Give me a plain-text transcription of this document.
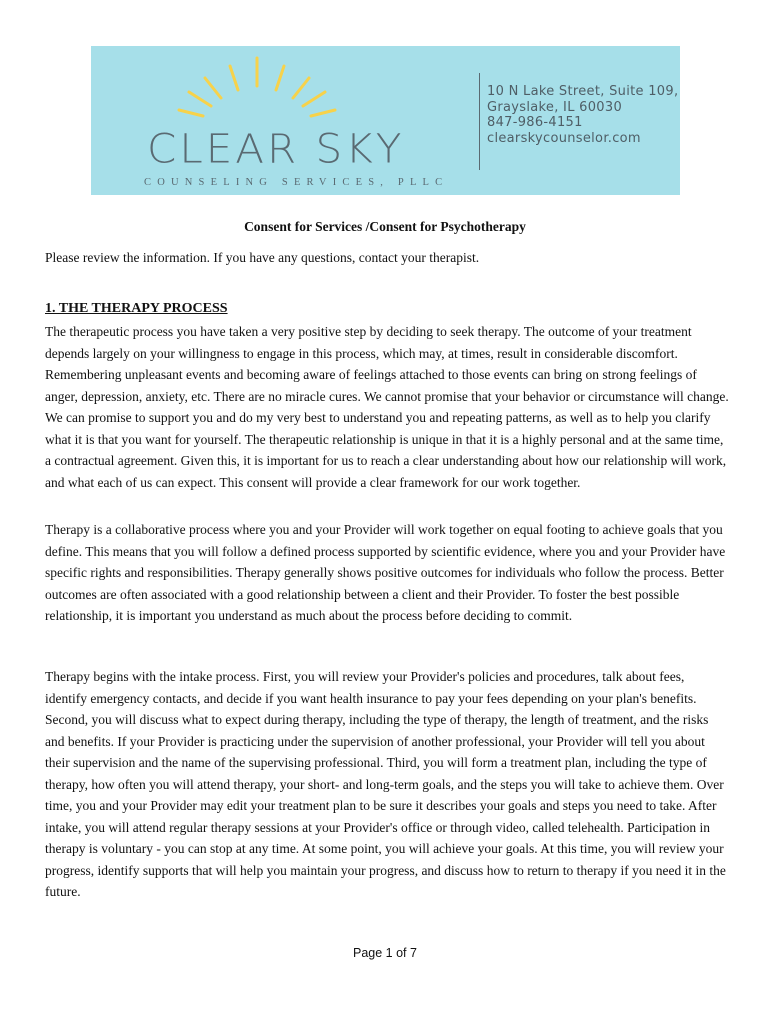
CLEAR SKY
COUNSELING SERVICES, PLLC
10 N Lake Street, Suite 109,
Grayslake, IL 60030
847-986-4151
clearskycounselor.com
Consent for Services /Consent for Psychotherapy
Please review the information. If you have any questions, contact your therapist.
1. THE THERAPY PROCESS
The therapeutic process you have taken a very positive step by deciding to seek therapy. The outcome of your treatment depends largely on your willingness to engage in this process, which may, at times, result in considerable discomfort. Remembering unpleasant events and becoming aware of feelings attached to those events can bring on strong feelings of anger, depression, anxiety, etc. There are no miracle cures. We cannot promise that your behavior or circumstance will change. We can promise to support you and do my very best to understand you and repeating patterns, as well as to help you clarify what it is that you want for yourself. The therapeutic relationship is unique in that it is a highly personal and at the same time, a contractual agreement. Given this, it is important for us to reach a clear understanding about how our relationship will work, and what each of us can expect. This consent will provide a clear framework for our work together.
Therapy is a collaborative process where you and your Provider will work together on equal footing to achieve goals that you define. This means that you will follow a defined process supported by scientific evidence, where you and your Provider have specific rights and responsibilities. Therapy generally shows positive outcomes for individuals who follow the process. Better outcomes are often associated with a good relationship between a client and their Provider. To foster the best possible relationship, it is important you understand as much about the process before deciding to commit.
Therapy begins with the intake process. First, you will review your Provider's policies and procedures, talk about fees, identify emergency contacts, and decide if you want health insurance to pay your fees depending on your plan's benefits. Second, you will discuss what to expect during therapy, including the type of therapy, the length of treatment, and the risks and benefits. If your Provider is practicing under the supervision of another professional, your Provider will tell you about their supervision and the name of the supervising professional. Third, you will form a treatment plan, including the type of therapy, how often you will attend therapy, your short- and long-term goals, and the steps you will take to achieve them. Over time, you and your Provider may edit your treatment plan to be sure it describes your goals and steps you need to take. After intake, you will attend regular therapy sessions at your Provider's office or through video, called telehealth. Participation in therapy is voluntary - you can stop at any time. At some point, you will achieve your goals. At this time, you will review your progress, identify supports that will help you maintain your progress, and discuss how to return to therapy if you need it in the future.
Page 1 of 7
